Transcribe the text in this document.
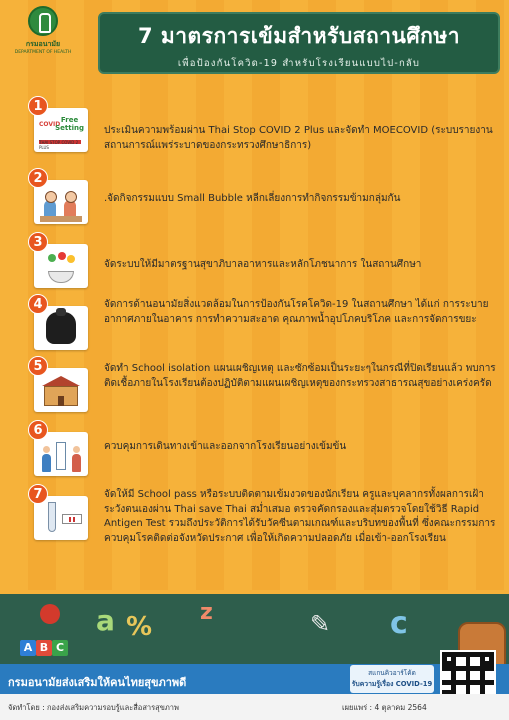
กรมอนามัย
DEPARTMENT OF HEALTH
7 มาตรการเข้มสำหรับสถานศึกษา
เพื่อป้องกันโควิด-19 สำหรับโรงเรียนแบบไป-กลับ
1
COVID
Free
Setting
THAI STOP COVID 2 PLUS
ประเมินความพร้อมผ่าน Thai Stop COVID 2 Plus และจัดทำ MOECOVID (ระบบรายงานสถานการณ์แพร่ระบาดของกระทรวงศึกษาธิการ)
2
.จัดกิจกรรมแบบ Small Bubble หลีกเลี่ยงการทำกิจกรรมข้ามกลุ่มกัน
3
จัดระบบให้มีมาตรฐานสุขาภิบาลอาหารและหลักโภชนาการ ในสถานศึกษา
4	จัดการด้านอนามัยสิ่งแวดล้อมในการป้องกันโรคโควิด-19 ในสถานศึกษา ได้แก่ การระบายอากาศภายในอาคาร การทำความสะอาด คุณภาพน้ำอุปโภคบริโภค และการจัดการขยะ
5	จัดทำ School isolation แผนเผชิญเหตุ และซักซ้อมเป็นระยะๆในกรณีที่ปิดเรียนแล้ว พบการติดเชื้อภายในโรงเรียนต้องปฏิบัติตามแผนเผชิญเหตุของกระทรวงสาธารณสุขอย่างเคร่งครัด
6
ควบคุมการเดินทางเข้าและออกจากโรงเรียนอย่างเข้มข้น
7	จัดให้มี School pass หรือระบบติดตามเข้มงวดของนักเรียน ครูและบุคลากรทั้งผลการเฝ้าระวังตนเองผ่าน Thai save Thai สม่ำเสมอ ตรวจคัดกรองและสุ่มตรวจโดยใช้วิธี Rapid Antigen Test รวมถึงประวัติการได้รับวัคซีนตามเกณฑ์และบริบทของพื้นที่ ซึ่งคณะกรรมการควบคุมโรคติดต่อจังหวัดประกาศ เพื่อให้เกิดความปลอดภัย เมื่อเข้า-ออกโรงเรียน
a % z	✎ c
A B C
กรมอนามัยส่งเสริมให้คนไทยสุขภาพดี
สแกนคิวอาร์โค้ด
รับความรู้เรื่อง COVID-19
จัดทำโดย : กองส่งเสริมความรอบรู้และสื่อสารสุขภาพ	เผยแพร่ : 4 ตุลาคม 2564
